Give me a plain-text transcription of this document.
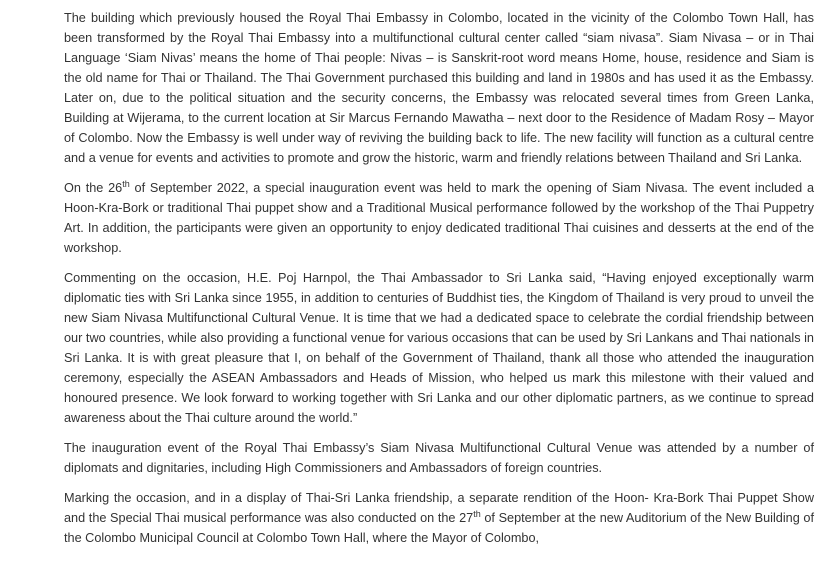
The building which previously housed the Royal Thai Embassy in Colombo, located in the vicinity of the Colombo Town Hall, has been transformed by the Royal Thai Embassy into a multifunctional cultural center called “siam nivasa”. Siam Nivasa – or in Thai Language ‘Siam Nivas’ means the home of Thai people: Nivas – is Sanskrit-root word means Home, house, residence and Siam is the old name for Thai or Thailand. The Thai Government purchased this building and land in 1980s and has used it as the Embassy. Later on, due to the political situation and the security concerns, the Embassy was relocated several times from Green Lanka, Building at Wijerama, to the current location at Sir Marcus Fernando Mawatha – next door to the Residence of Madam Rosy – Mayor of Colombo. Now the Embassy is well under way of reviving the building back to life. The new facility will function as a cultural centre and a venue for events and activities to promote and grow the historic, warm and friendly relations between Thailand and Sri Lanka.

On the 26th of September 2022, a special inauguration event was held to mark the opening of Siam Nivasa. The event included a Hoon-Kra-Bork or traditional Thai puppet show and a Traditional Musical performance followed by the workshop of the Thai Puppetry Art. In addition, the participants were given an opportunity to enjoy dedicated traditional Thai cuisines and desserts at the end of the workshop.

Commenting on the occasion, H.E. Poj Harnpol, the Thai Ambassador to Sri Lanka said, “Having enjoyed exceptionally warm diplomatic ties with Sri Lanka since 1955, in addition to centuries of Buddhist ties, the Kingdom of Thailand is very proud to unveil the new Siam Nivasa Multifunctional Cultural Venue. It is time that we had a dedicated space to celebrate the cordial friendship between our two countries, while also providing a functional venue for various occasions that can be used by Sri Lankans and Thai nationals in Sri Lanka. It is with great pleasure that I, on behalf of the Government of Thailand, thank all those who attended the inauguration ceremony, especially the ASEAN Ambassadors and Heads of Mission, who helped us mark this milestone with their valued and honoured presence. We look forward to working together with Sri Lanka and our other diplomatic partners, as we continue to spread awareness about the Thai culture around the world.”

The inauguration event of the Royal Thai Embassy’s Siam Nivasa Multifunctional Cultural Venue was attended by a number of diplomats and dignitaries, including High Commissioners and Ambassadors of foreign countries.

Marking the occasion, and in a display of Thai-Sri Lanka friendship, a separate rendition of the Hoon- Kra-Bork Thai Puppet Show and the Special Thai musical performance was also conducted on the 27th of September at the new Auditorium of the New Building of the Colombo Municipal Council at Colombo Town Hall, where the Mayor of Colombo,
